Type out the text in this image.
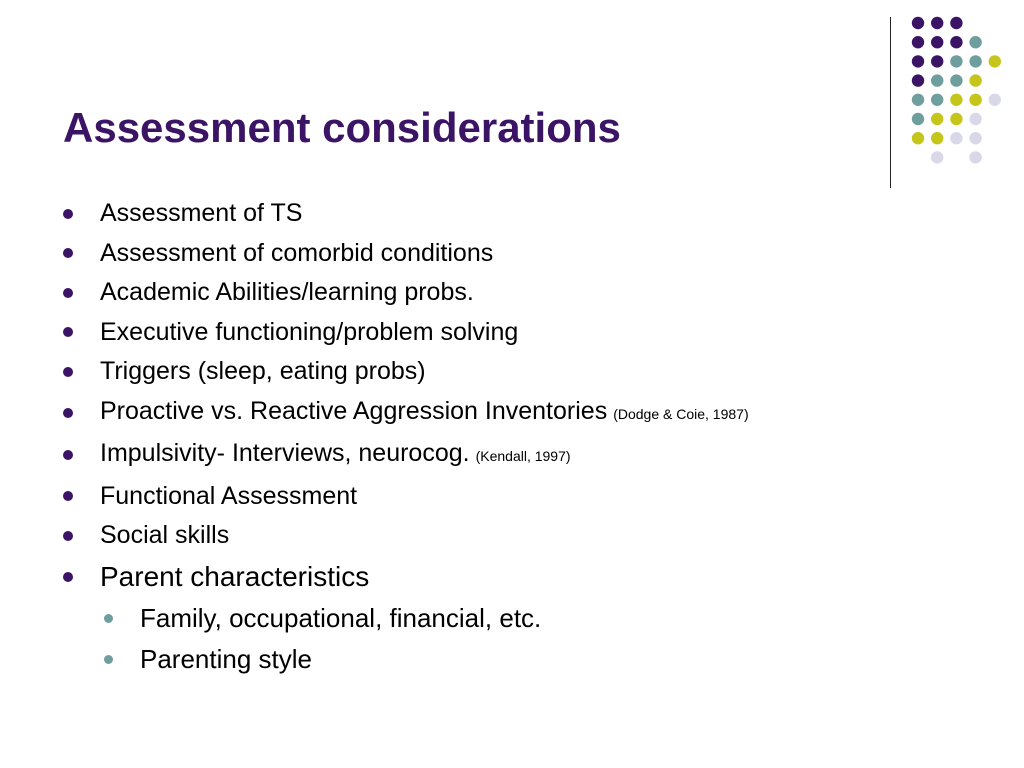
Assessment considerations
Assessment of TS
Assessment of comorbid conditions
Academic Abilities/learning probs.
Executive functioning/problem solving
Triggers (sleep, eating probs)
Proactive vs. Reactive Aggression Inventories (Dodge & Coie, 1987)
Impulsivity- Interviews, neurocog. (Kendall, 1997)
Functional Assessment
Social skills
Parent characteristics
Family, occupational, financial, etc.
Parenting style
